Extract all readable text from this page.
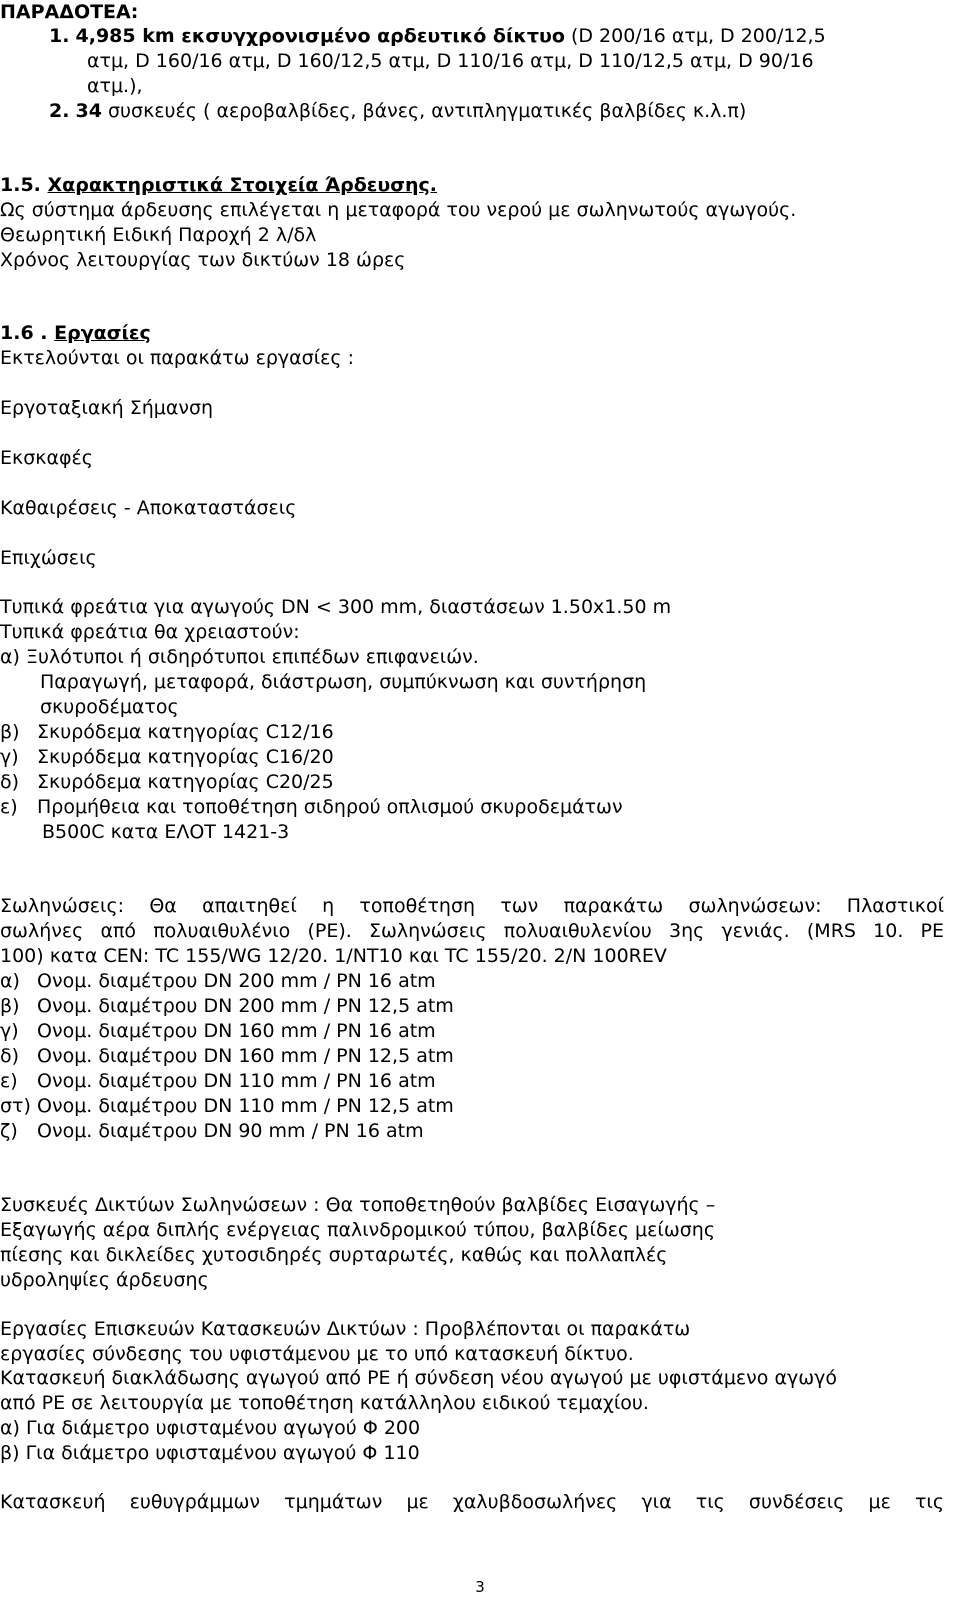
ΠΑΡΑΔΟΤΕΑ:
1. 4,985 km εκσυγχρονισμένο αρδευτικό δίκτυο (D 200/16 ατμ, D 200/12,5
ατμ, D 160/16 ατμ, D 160/12,5 ατμ, D 110/16 ατμ, D 110/12,5 ατμ, D 90/16
ατμ.),
2. 34 συσκευές ( αεροβαλβίδες, βάνες, αντιπληγματικές βαλβίδες κ.λ.π)
1.5. Χαρακτηριστικά Στοιχεία Άρδευσης.
Ως σύστημα άρδευσης επιλέγεται η μεταφορά του νερού με σωληνωτούς αγωγούς.
Θεωρητική Ειδική Παροχή 2 λ/δλ
Χρόνος λειτουργίας των δικτύων 18 ώρες
1.6 . Εργασίες
Εκτελούνται οι παρακάτω εργασίες :
Εργοταξιακή Σήμανση
Εκσκαφές
Καθαιρέσεις - Αποκαταστάσεις
Επιχώσεις
Τυπικά φρεάτια για αγωγούς DN < 300 mm, διαστάσεων 1.50x1.50 m
Τυπικά φρεάτια θα χρειαστούν:
α) Ξυλότυποι ή σιδηρότυποι επιπέδων επιφανειών.
Παραγωγή, μεταφορά, διάστρωση, συμπύκνωση και συντήρηση
σκυροδέματος
β) Σκυρόδεμα κατηγορίας C12/16
γ) Σκυρόδεμα κατηγορίας C16/20
δ) Σκυρόδεμα κατηγορίας C20/25
ε)	Προμήθεια και τοποθέτηση σιδηρού οπλισμού σκυροδεμάτων
B500C κατα ΕΛΟΤ 1421-3
Σωληνώσεις: Θα απαιτηθεί η τοποθέτηση των παρακάτω σωληνώσεων: Πλαστικοί
σωλήνες από πολυαιθυλένιο (PE). Σωληνώσεις πολυαιθυλενίου 3ης γενιάς. (MRS 10. PE
100) κατα CEN: TC 155/WG 12/20. 1/NT10 και TC 155/20. 2/N 100REV
α) Ονομ. διαμέτρου DN 200 mm / PN 16 atm
β) Ονομ. διαμέτρου DN 200 mm / PN 12,5 atm
γ) Ονομ. διαμέτρου DN 160 mm / PN 16 atm
δ) Ονομ. διαμέτρου DN 160 mm / PN 12,5 atm
ε)	Ονομ. διαμέτρου DN 110 mm / PN 16 atm
στ) Ονομ. διαμέτρου DN 110 mm / PN 12,5 atm
ζ)	Ονομ. διαμέτρου DN 90 mm / PN 16 atm
Συσκευές Δικτύων Σωληνώσεων : Θα τοποθετηθούν βαλβίδες Εισαγωγής –
Εξαγωγής αέρα διπλής ενέργειας παλινδρομικού τύπου, βαλβίδες μείωσης
πίεσης και δικλείδες χυτοσιδηρές συρταρωτές, καθώς και πολλαπλές
υδροληψίες άρδευσης
Εργασίες Επισκευών Κατασκευών Δικτύων : Προβλέπονται οι παρακάτω
εργασίες σύνδεσης του υφιστάμενου με το υπό κατασκευή δίκτυο.
Κατασκευή διακλάδωσης αγωγού από PE ή σύνδεση νέου αγωγού με υφιστάμενο αγωγό
από PE σε λειτουργία με τοποθέτηση κατάλληλου ειδικού τεμαχίου.
α) Για διάμετρο υφισταμένου αγωγού Φ 200
β) Για διάμετρο υφισταμένου αγωγού Φ 110
Κατασκευή ευθυγράμμων τμημάτων με χαλυβδοσωλήνες για τις συνδέσεις με τις
3
